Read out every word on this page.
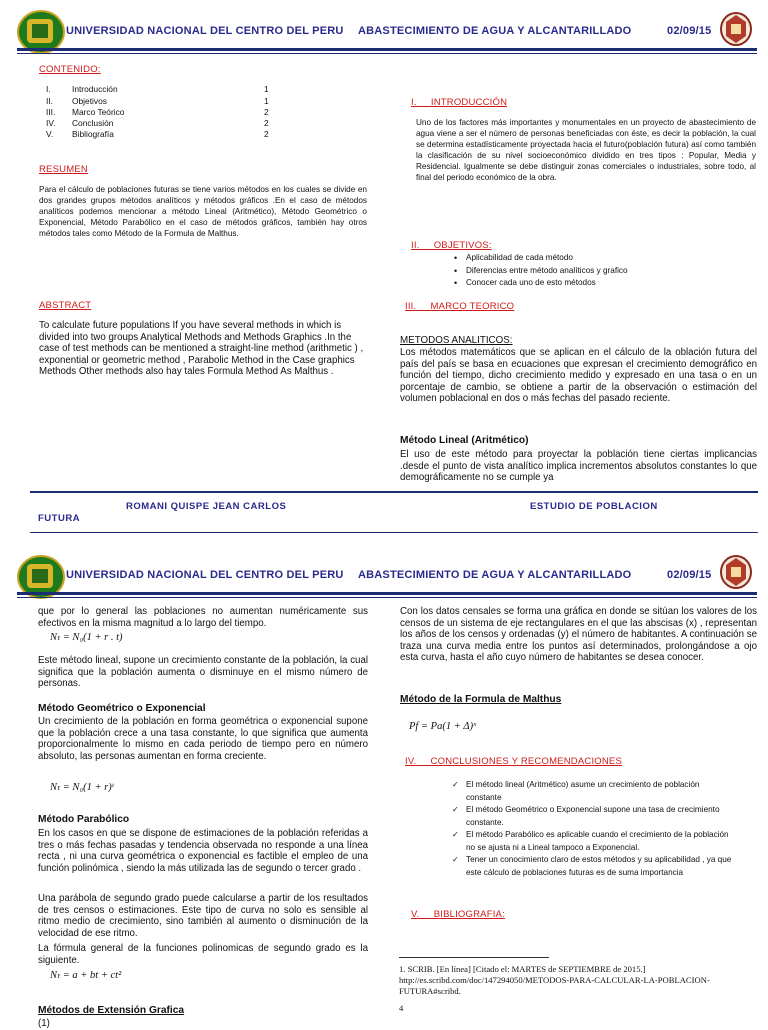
UNIVERSIDAD NACIONAL DEL CENTRO DEL PERU ABASTECIMIENTO DE AGUA Y ALCANTARILLADO	02/09/15
CONTENIDO:
I.	Introducción	1
II. Objetivos	1
III. Marco Teórico	2
IV. Conclusión	2
V. Bibliografía	2
RESUMEN
Para el cálculo de poblaciones futuras se tiene varios métodos en los cuales se divide en dos grandes grupos métodos analíticos y métodos gráficos .En el caso de métodos analíticos podemos mencionar a método Lineal (Aritmético), Método Geométrico o Exponencial, Método Parabólico en el caso de métodos gráficos, también hay otros métodos tales como Método de la Formula de Malthus.
ABSTRACT
To calculate future populations If you have several methods in which is divided into two groups Analytical Methods and Methods Graphics .In the case of test methods can be mentioned a straight-line method (arithmetic ) , exponential or geometric method , Parabolic Method in the Case graphics Methods Other methods also hay tales Formula Method As Malthus .
I.     INTRODUCCIÓN
Uno de los factores más importantes y monumentales en un proyecto de abastecimiento de agua viene a ser el número de personas beneficiadas con éste, es decir la población, la cual se determina estadísticamente proyectada hacia el futuro(población futura) así como también la clasificación de su nivel socioeconómico dividido en tres tipos : Popular, Media y Residencial. Igualmente se debe distinguir zonas comerciales o industriales, sobre todo, al final del periodo económico de la obra.
II.     OBJETIVOS:
• Aplicabilidad de cada método
• Diferencias entre método analíticos y grafico
• Conocer cada uno de esto métodos
III.     MARCO TEORICO
METODOS ANALITICOS:
Los métodos matemáticos que se aplican en el cálculo de la oblación futura del país del país se basa en ecuaciones que expresan el crecimiento demográfico en función del tiempo, dicho crecimiento medido y expresado en una tasa o en un porcentaje de cambio, se obtiene a partir de la observación o estimación del volumen poblacional en dos o más fechas del pasado reciente.
Método Lineal (Aritmético)
El uso de este método para proyectar la población tiene ciertas implicancias .desde el punto de vista analítico implica incrementos absolutos constantes lo que demográficamente no se cumple ya
ROMANI QUISPE JEAN CARLOS	ESTUDIO DE POBLACION
FUTURA
UNIVERSIDAD NACIONAL DEL CENTRO DEL PERU ABASTECIMIENTO DE AGUA Y ALCANTARILLADO	02/09/15
que por lo general las poblaciones no aumentan numéricamente sus efectivos en la misma magnitud a lo largo del tiempo.
Nₜ = N₀(1 + r . t)
Este método lineal, supone un crecimiento constante de la población, la cual significa que la población aumenta o disminuye en el mismo número de personas.
Método Geométrico o Exponencial
Un crecimiento de la población en forma geométrica o exponencial supone que la población crece a una tasa constante, lo que significa que aumenta proporcionalmente lo mismo en cada periodo de tiempo pero en número absoluto, las personas aumentan en forma creciente.
Nₜ = N₀(1 + r)ᵗ
Método Parabólico
En los casos en que se dispone de estimaciones de la población referidas a tres o más fechas pasadas y tendencia observada no responde a una línea recta , ni una curva geométrica o exponencial es factible el empleo de una función polinómica , siendo la más utilizada las de segundo o tercer grado .
Una parábola de segundo grado puede calcularse a partir de los resultados de tres censos o estimaciones. Este tipo de curva no solo es sensible al ritmo medio de crecimiento, sino también al aumento o disminución de la velocidad de ese ritmo.
La fórmula general de la funciones polinomicas de segundo grado es la siguiente.
Nₜ = a + bt + ct²
Métodos de Extensión Grafica
(1)
Con los datos censales se forma una gráfica en donde se sitúan los valores de los censos de un sistema de eje rectangulares en el que las abscisas (x) , representan los años de los censos y ordenadas (y) el número de habitantes. A continuación se traza una curva media entre los puntos así determinados, prolongándose a ojo esta curva, hasta el año cuyo número de habitantes se desea conocer.
Método de la Formula de Malthus
Pf = Pa(1 + Δ)ˣ
IV.     CONCLUSIONES Y RECOMENDACIONES
✓ El método lineal (Aritmético) asume un crecimiento de población constante
✓ El método Geométrico o Exponencial supone una tasa de crecimiento constante.
✓ El método Parabólico es aplicable cuando el crecimiento de la población no se ajusta ni a Lineal tampoco a Exponencial.
✓ Tener un conocimiento claro de estos métodos y su aplicabilidad , ya que este cálculo de poblaciones futuras es de suma importancia
V.     BIBLIOGRAFIA:
1. SCRIB. [En línea] [Citado el: MARTES de SEPTIEMBRE de 2015.] http://es.scribd.com/doc/147294050/METODOS-PARA-CALCULAR-LA-POBLACION-FUTURA#scribd.
4
